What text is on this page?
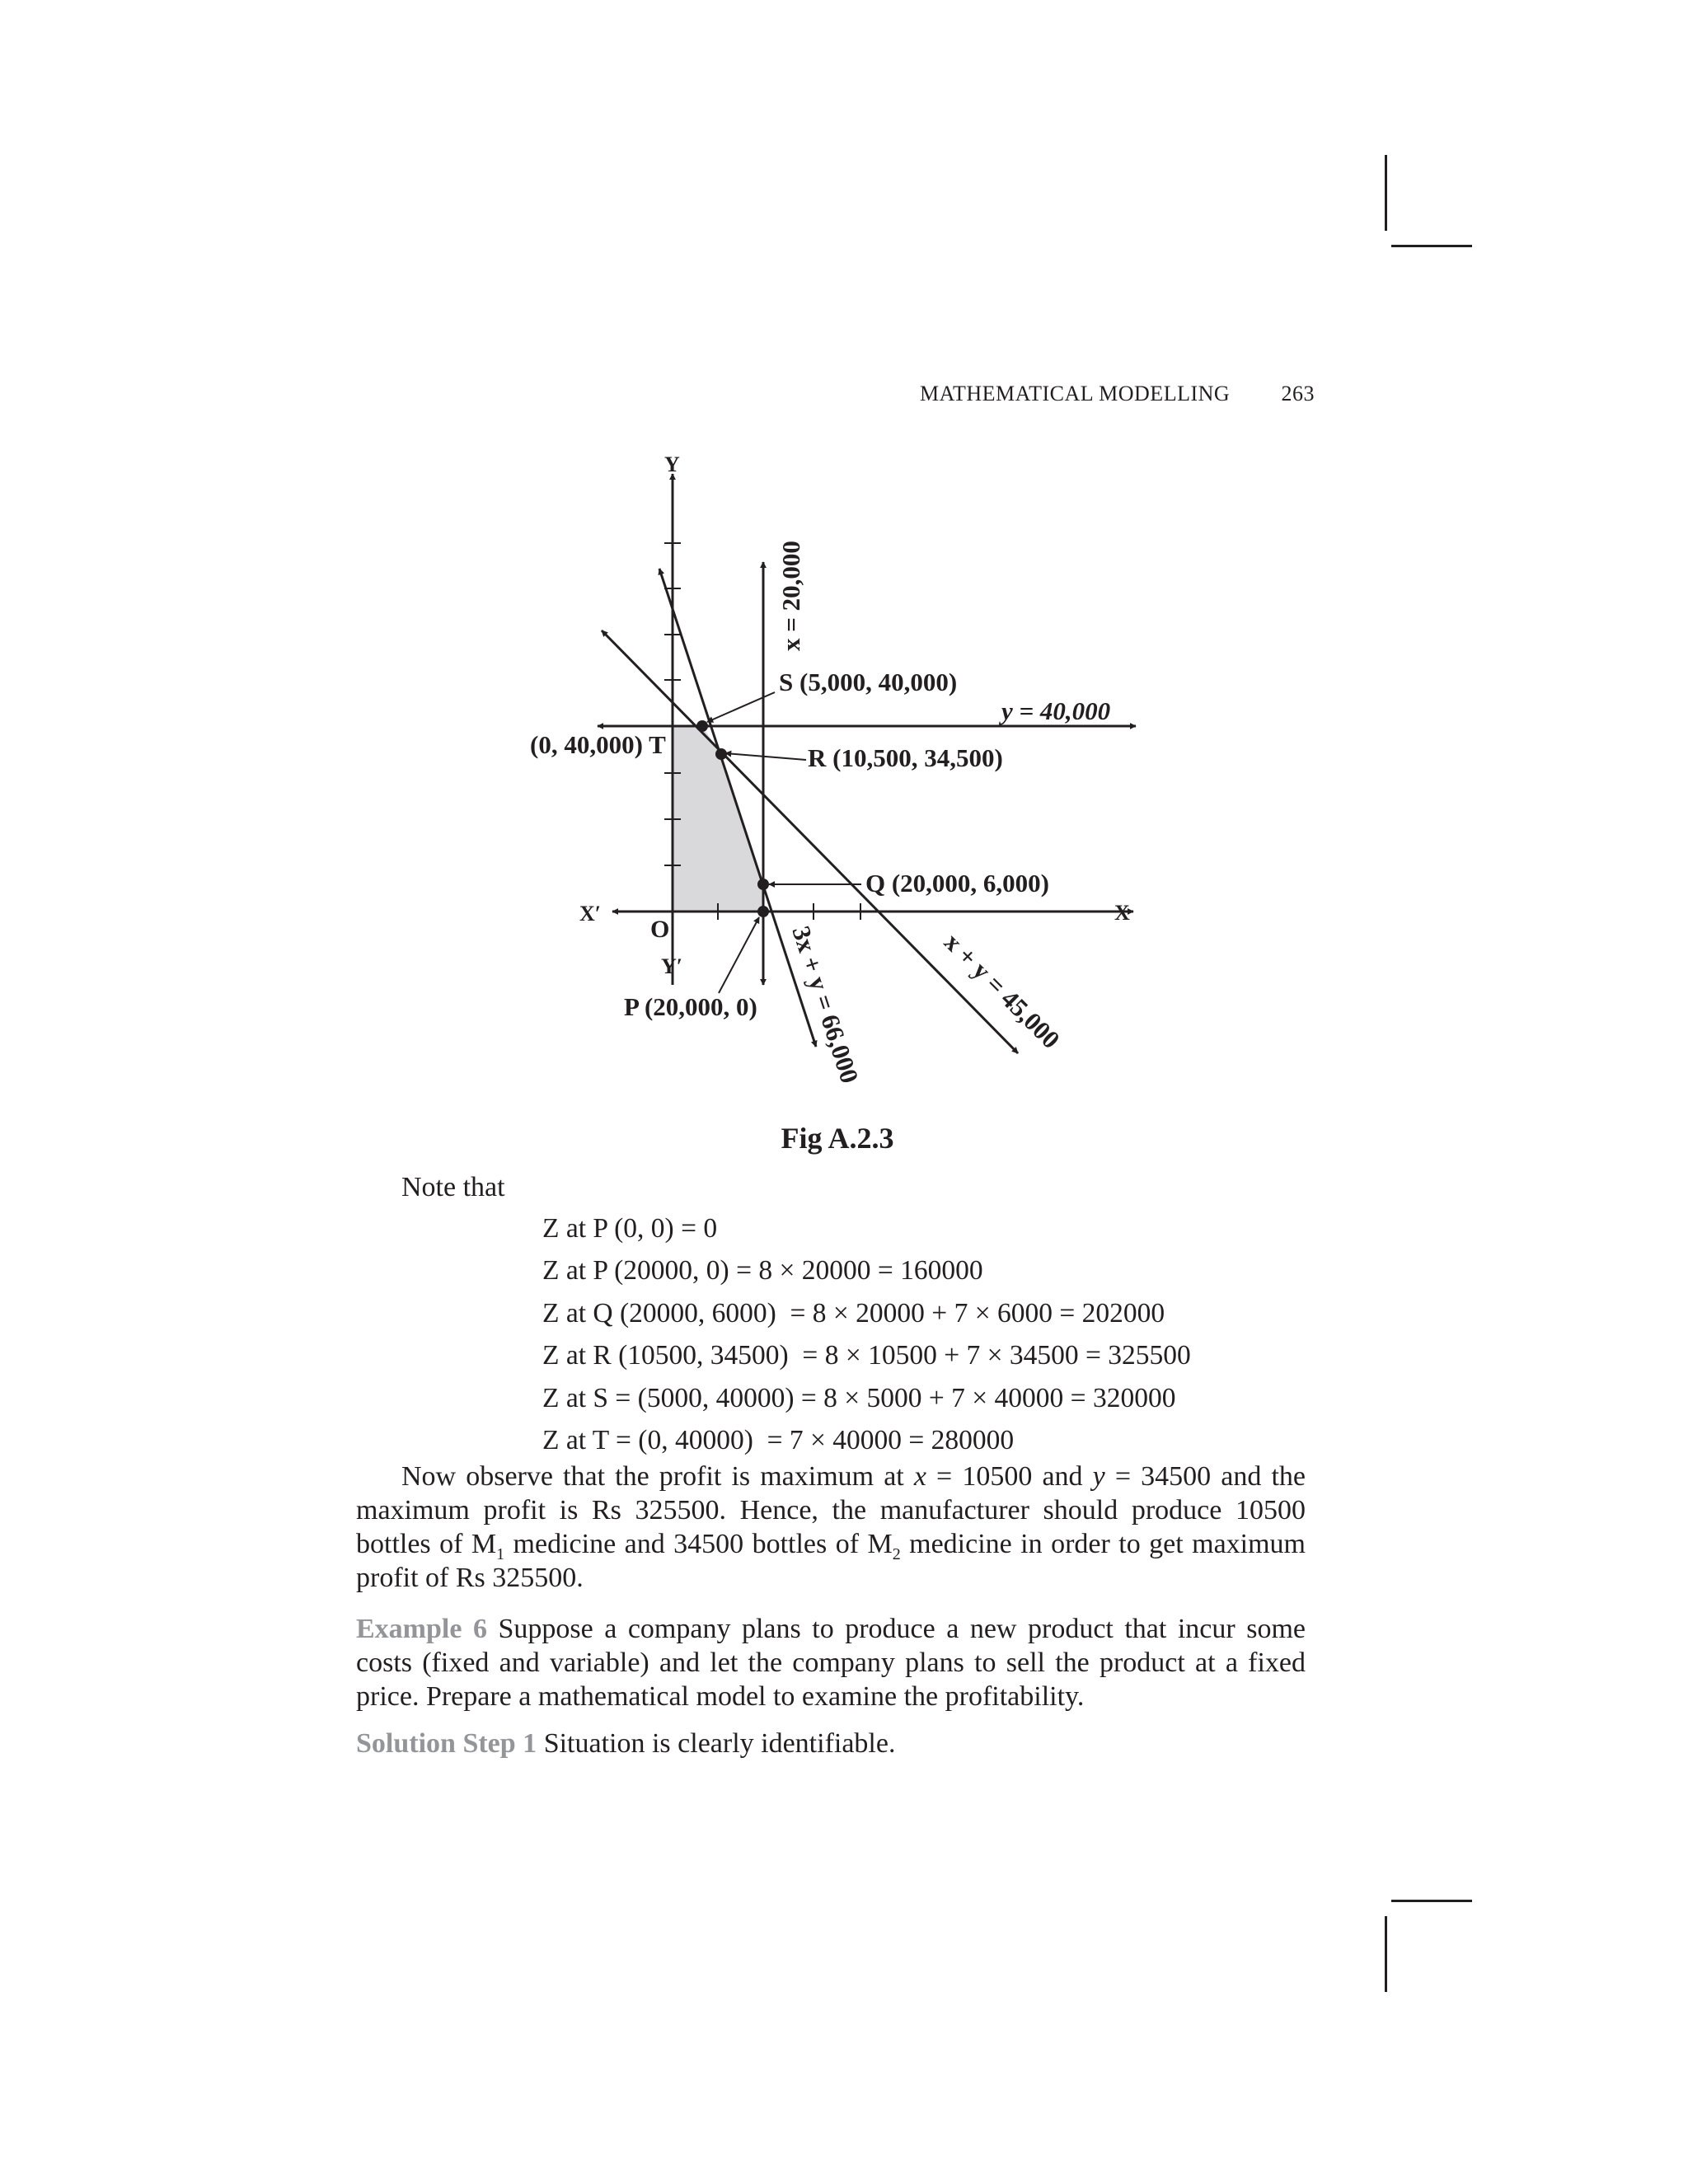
MATHEMATICAL MODELLING 263
Y
Y′
X
X′
O
x = 20,000
y = 40,000
3x + y = 66,000	x + y = 45,000
S (5,000, 40,000)
R (10,500, 34,500)
Q (20,000, 6,000)
(0, 40,000) T
P (20,000, 0)
Fig A.2.3
Note that
Z at P (0, 0) = 0
Z at P (20000, 0) = 8 × 20000 = 160000
Z at Q (20000, 6000)  = 8 × 20000 + 7 × 6000 = 202000
Z at R (10500, 34500)  = 8 × 10500 + 7 × 34500 = 325500
Z at S = (5000, 40000) = 8 × 5000 + 7 × 40000 = 320000
Z at T = (0, 40000)  = 7 × 40000 = 280000
Now observe that the profit is maximum at x = 10500 and y = 34500 and the maximum profit is Rs 325500. Hence, the manufacturer should produce 10500 bottles of $M_1$ medicine and 34500 bottles of $M_2$ medicine in order to get maximum profit of Rs 325500.
Example 6 Suppose a company plans to produce a new product that incur some costs (fixed and variable) and let the company plans to sell the product at a fixed price. Prepare a mathematical model to examine the profitability.
Solution Step 1 Situation is clearly identifiable.
